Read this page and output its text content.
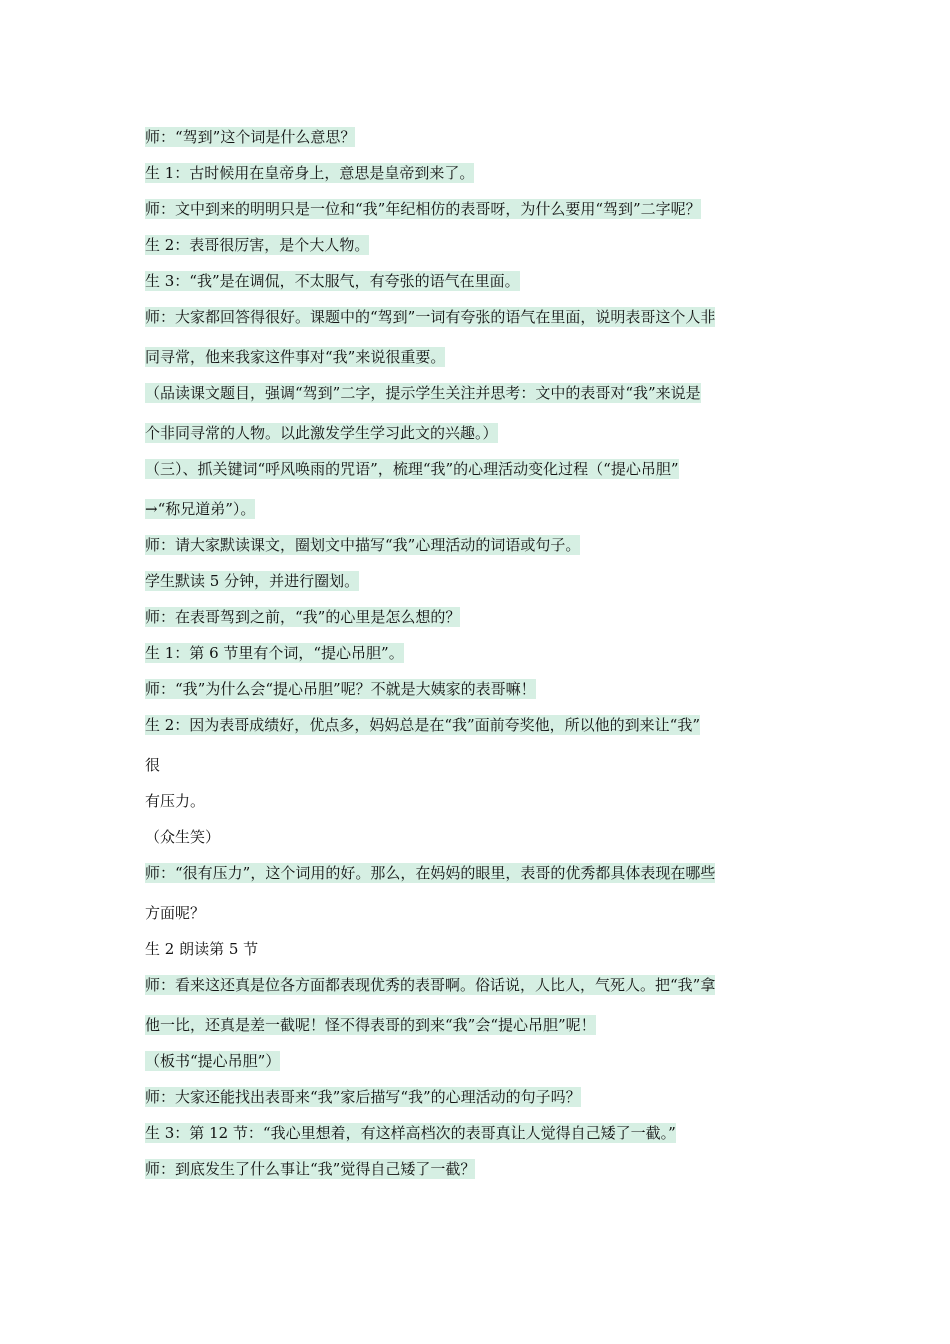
师：“驾到”这个词是什么意思？
生 1：古时候用在皇帝身上，意思是皇帝到来了。
师：文中到来的明明只是一位和“我”年纪相仿的表哥呀，为什么要用“驾到”二字呢？
生 2：表哥很厉害，是个大人物。
生 3：“我”是在调侃，不太服气，有夸张的语气在里面。
师：大家都回答得很好。课题中的“驾到”一词有夸张的语气在里面，说明表哥这个人非
同寻常，他来我家这件事对“我”来说很重要。
（品读课文题目，强调“驾到”二字，提示学生关注并思考：文中的表哥对“我”来说是
个非同寻常的人物。以此激发学生学习此文的兴趣。）
（三）、抓关键词“呼风唤雨的咒语”，梳理“我”的心理活动变化过程（“提心吊胆”
→“称兄道弟”）。
师：请大家默读课文，圈划文中描写“我”心理活动的词语或句子。
学生默读 5 分钟，并进行圈划。
师：在表哥驾到之前，“我”的心里是怎么想的？
生 1：第 6 节里有个词，“提心吊胆”。
师：“我”为什么会“提心吊胆”呢？不就是大姨家的表哥嘛！
生 2：因为表哥成绩好，优点多，妈妈总是在“我”面前夸奖他，所以他的到来让“我”
很
有压力。
（众生笑）
师：“很有压力”，这个词用的好。那么，在妈妈的眼里，表哥的优秀都具体表现在哪些
方面呢？
生 2 朗读第 5 节
师：看来这还真是位各方面都表现优秀的表哥啊。俗话说，人比人，气死人。把“我”拿
他一比，还真是差一截呢！怪不得表哥的到来“我”会“提心吊胆”呢！
（板书“提心吊胆”）
师：大家还能找出表哥来“我”家后描写“我”的心理活动的句子吗？
生 3：第 12 节：“我心里想着，有这样高档次的表哥真让人觉得自己矮了一截。”
师：到底发生了什么事让“我”觉得自己矮了一截？
